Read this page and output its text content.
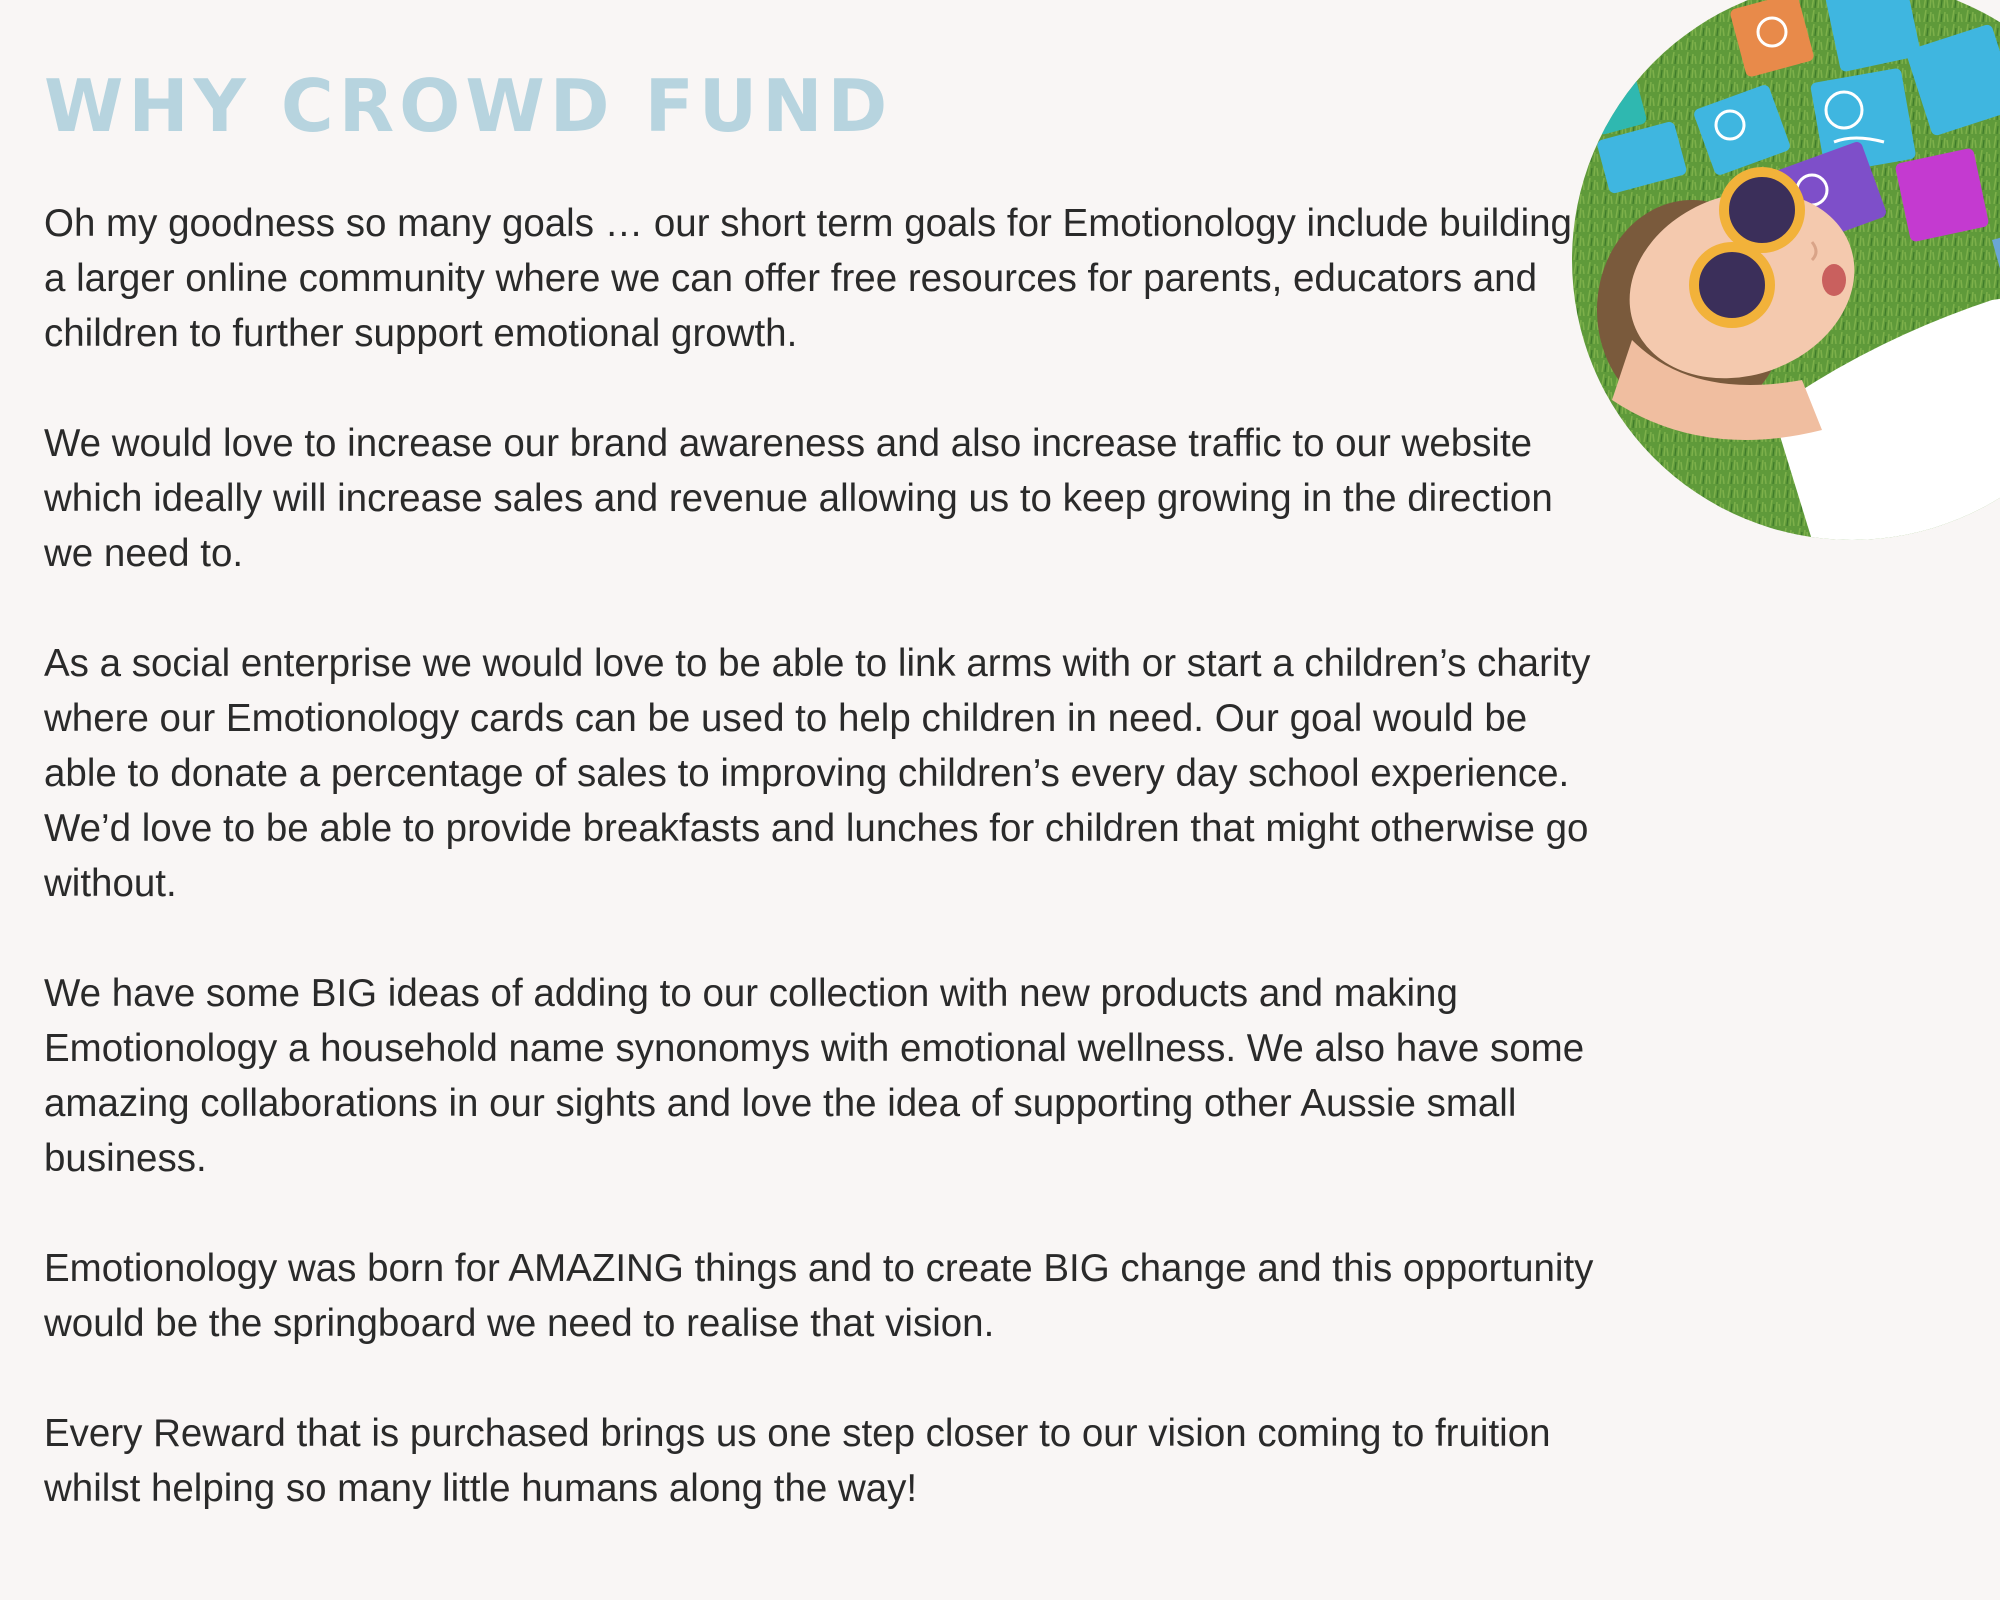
WHY CROWD FUND

Oh my goodness so many goals … our short term goals for Emotionology include building a larger online community where we can offer free resources for parents, educators and children to further support emotional growth.

We would love to increase our brand awareness and also increase traffic to our website which ideally will increase sales and revenue allowing us to keep growing in the direction we need to.

As a social enterprise we would love to be able to link arms with or start a children’s charity where our Emotionology cards can be used to help children in need. Our goal would be able to donate a percentage of sales to improving children’s every day school experience. We’d love to be able to provide breakfasts and lunches for children that might otherwise go without.

We have some BIG ideas of adding to our collection with new products and making Emotionology a household name synonomys with emotional wellness. We also have some amazing collaborations in our sights and love the idea of supporting other Aussie small business.

Emotionology was born for AMAZING things and to create BIG change and this opportunity would be the springboard we need to realise that vision.

Every Reward that is purchased brings us one step closer to our vision coming to fruition whilst helping so many little humans along the way!
